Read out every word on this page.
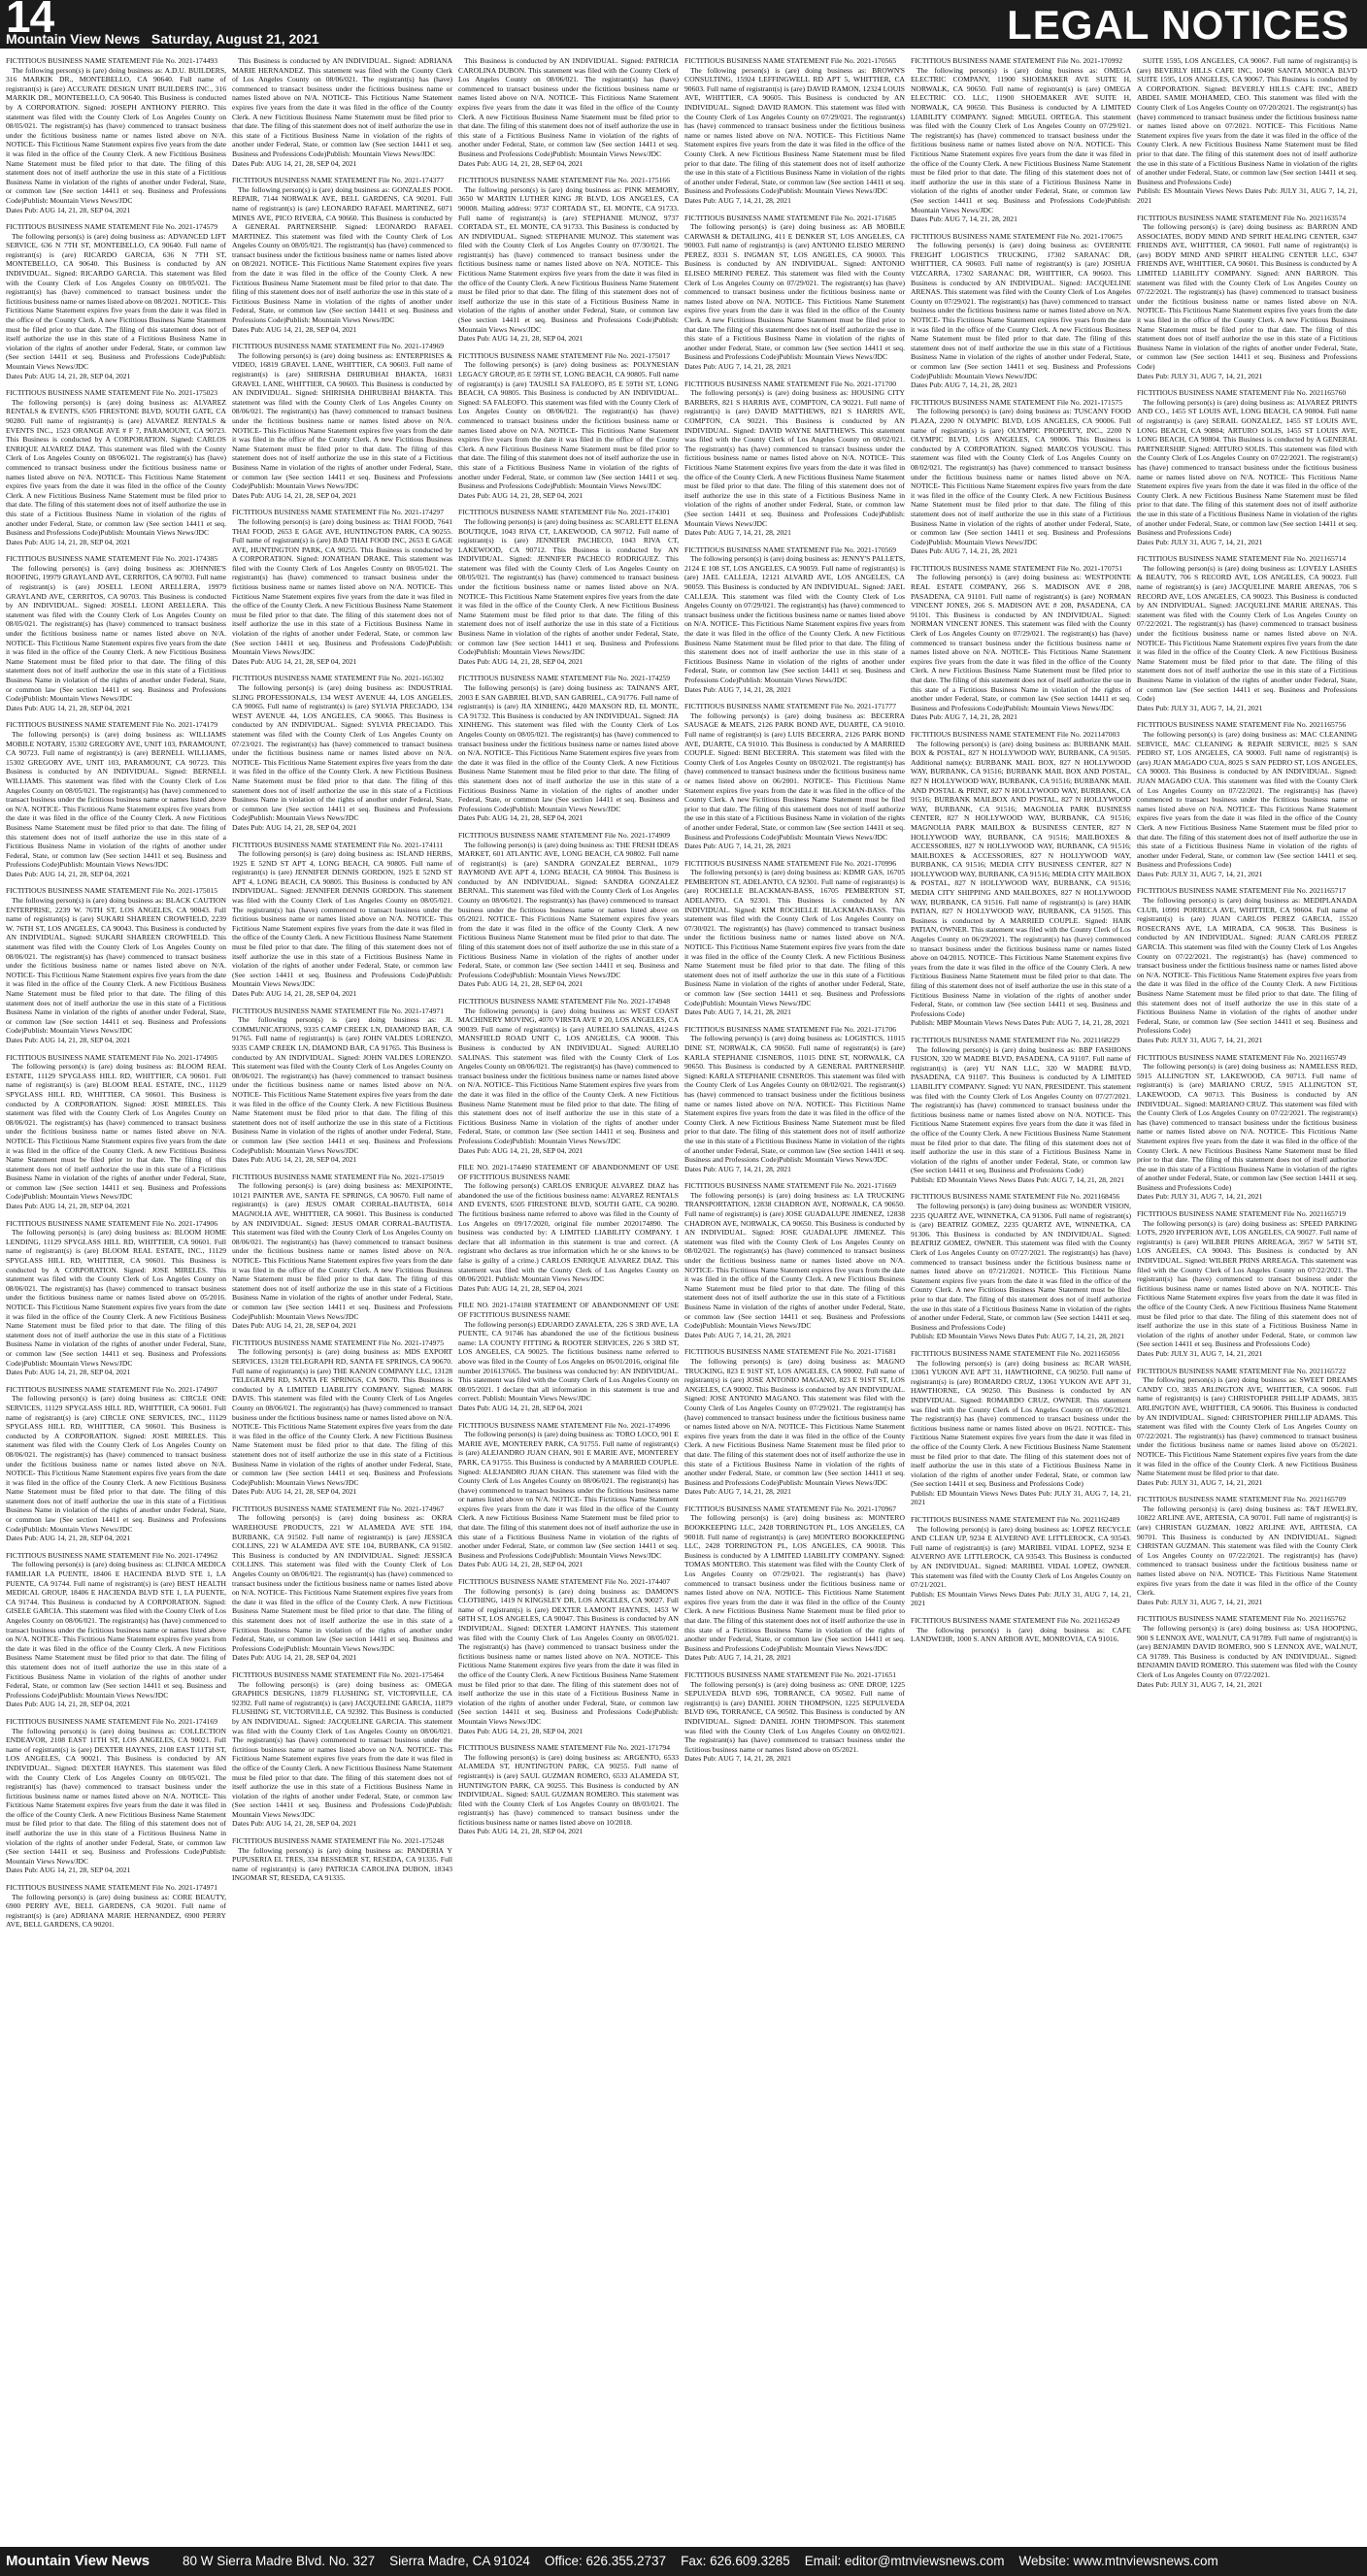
14
Mountain View News Saturday, August 21, 2021	LEGAL NOTICES

FICTITIOUS BUSINESS NAME STATEMENT File No. 2021-174493

The following person(s) is (are) doing business as: A.D.U. BUILDERS, 316 MARKIK DR., MONTEBELLO, CA 90640. Full name of registrant(s) is (are) ACCURATE DESIGN UNIT BUILDERS INC., 316 MARKIK DR., MONTEBELLO, CA 90640. This Business is conducted by A CORPORATION. Signed: JOSEPH ANTHONY PIERRO. This statement was filed with the County Clerk of Los Angeles County on 08/05/021. The registrant(s) has (have) commenced to transact business under the fictitious business name or names listed above on N/A. NOTICE- This Fictitious Name Statement expires five years from the date it was filed in the office of the County Clerk. A new Fictitious Business Name Statement must be filed prior to that date. The filing of this statement does not of itself authorize the use in this state of a Fictitious Business Name in violation of the rights of another under Federal, State, or common law (See section 14411 et seq. Business and Professions Code)Publish: Mountain Views News/JDC

Dates Pub: AUG 14, 21, 28, SEP 04, 2021

FICTITIOUS BUSINESS NAME STATEMENT File No. 2021-174579

The following person(s) is (are) doing business as: ADVANCED LIFT SERVICE, 636 N 7TH ST, MONTEBELLO, CA 90640. Full name of registrant(s) is (are) RICARDO GARCIA, 636 N 7TH ST, MONTEBELLO, CA 90640. This Business is conducted by AN INDIVIDUAL. Signed: RICARDO GARCIA. This statement was filed with the County Clerk of Los Angeles County on 08/05/021. The registrant(s) has (have) commenced to transact business under the fictitious business name or names listed above on 08/2021. NOTICE- This Fictitious Name Statement expires five years from the date it was filed in the office of the County Clerk. A new Fictitious Business Name Statement must be filed prior to that date. The filing of this statement does not of itself authorize the use in this state of a Fictitious Business Name in violation of the rights of another under Federal, State, or common law (See section 14411 et seq. Business and Professions Code)Publish: Mountain Views News/JDC

Dates Pub: AUG 14, 21, 28, SEP 04, 2021

FICTITIOUS BUSINESS NAME STATEMENT File No. 2021-175023

The following person(s) is (are) doing business as: ALVAREZ RENTALS & EVENTS, 6505 FIRESTONE BLVD, SOUTH GATE, CA 90280. Full name of registrant(s) is (are) ALVAREZ RENTALS & EVENTS INC., 1523 ORANGE AVE # F 7, PARAMOUNT, CA 90723. This Business is conducted by A CORPORATION. Signed: CARLOS ENRIQUE ALVAREZ DIAZ. This statement was filed with the County Clerk of Los Angeles County on 08/06/021. The registrant(s) has (have) commenced to transact business under the fictitious business name or names listed above on N/A. NOTICE- This Fictitious Name Statement expires five years from the date it was filed in the office of the County Clerk. A new Fictitious Business Name Statement must be filed prior to that date. The filing of this statement does not of itself authorize the use in this state of a Fictitious Business Name in violation of the rights of another under Federal, State, or common law (See section 14411 et seq. Business and Professions Code)Publish: Mountain Views News/JDC

Dates Pub: AUG 14, 21, 28, SEP 04, 2021

FICTITIOUS BUSINESS NAME STATEMENT File No. 2021-174385

The following person(s) is (are) doing business as: JOHNNIE'S ROOFING, 19979 GRAYLAND AVE, CERRITOS, CA 90703. Full name of registrant(s) is (are) JOSELL LEONI ARELLERA, 19979 GRAYLAND AVE, CERRITOS, CA 90703. This Business is conducted by AN INDIVIDUAL. Signed: JOSELL LEONI ARELLERA. This statement was filed with the County Clerk of Los Angeles County on 08/05/021. The registrant(s) has (have) commenced to transact business under the fictitious business name or names listed above on N/A. NOTICE- This Fictitious Name Statement expires five years from the date it was filed in the office of the County Clerk. A new Fictitious Business Name Statement must be filed prior to that date. The filing of this statement does not of itself authorize the use in this state of a Fictitious Business Name in violation of the rights of another under Federal, State, or common law (See section 14411 et seq. Business and Professions Code)Publish: Mountain Views News/JDC

Dates Pub: AUG 14, 21, 28, SEP 04, 2021

FICTITIOUS BUSINESS NAME STATEMENT File No. 2021-174179

The following person(s) is (are) doing business as: WILLIAMS MOBILE NOTARY, 15302 GREGORY AVE, UNIT 103, PARAMOUNT, CA 90723. Full name of registrant(s) is (are) BERNELL WILLIAMS, 15302 GREGORY AVE, UNIT 103, PARAMOUNT, CA 90723. This Business is conducted by AN INDIVIDUAL. Signed: BERNELL WILLIAMS. This statement was filed with the County Clerk of Los Angeles County on 08/05/021. The registrant(s) has (have) commenced to transact business under the fictitious business name or names listed above on N/A. NOTICE- This Fictitious Name Statement expires five years from the date it was filed in the office of the County Clerk. A new Fictitious Business Name Statement must be filed prior to that date. The filing of this statement does not of itself authorize the use in this state of a Fictitious Business Name in violation of the rights of another under Federal, State, or common law (See section 14411 et seq. Business and Professions Code)Publish: Mountain Views News/JDC

Dates Pub: AUG 14, 21, 28, SEP 04, 2021

FICTITIOUS BUSINESS NAME STATEMENT File No. 2021-175015

The following person(s) is (are) doing business as: BLACK CAUTION ENTERPRISE, 2239 W. 76TH ST, LOS ANGELES, CA 90043. Full name of registrant(s) is (are) SUKARI SHAREEN CROWFIELD, 2239 W. 76TH ST, LOS ANGELES, CA 90043. This Business is conducted by AN INDIVIDUAL. Signed: SUKARI SHAREEN CROWFIELD. This statement was filed with the County Clerk of Los Angeles County on 08/06/021. The registrant(s) has (have) commenced to transact business under the fictitious business name or names listed above on N/A. NOTICE- This Fictitious Name Statement expires five years from the date it was filed in the office of the County Clerk. A new Fictitious Business Name Statement must be filed prior to that date. The filing of this statement does not of itself authorize the use in this state of a Fictitious Business Name in violation of the rights of another under Federal, State, or common law (See section 14411 et seq. Business and Professions Code)Publish: Mountain Views News/JDC

Dates Pub: AUG 14, 21, 28, SEP 04, 2021

FICTITIOUS BUSINESS NAME STATEMENT File No. 2021-174905

The following person(s) is (are) doing business as: BLOOM REAL ESTATE, 11129 SPYGLASS HILL RD, WHITTIER, CA 90601. Full name of registrant(s) is (are) BLOOM REAL ESTATE, INC., 11129 SPYGLASS HILL RD, WHITTIER, CA 90601. This Business is conducted by A CORPORATION. Signed: JOSE MIRELES. This statement was filed with the County Clerk of Los Angeles County on 08/06/021. The registrant(s) has (have) commenced to transact business under the fictitious business name or names listed above on N/A. NOTICE- This Fictitious Name Statement expires five years from the date it was filed in the office of the County Clerk. A new Fictitious Business Name Statement must be filed prior to that date. The filing of this statement does not of itself authorize the use in this state of a Fictitious Business Name in violation of the rights of another under Federal, State, or common law (See section 14411 et seq. Business and Professions Code)Publish: Mountain Views News/JDC

Dates Pub: AUG 14, 21, 28, SEP 04, 2021

FICTITIOUS BUSINESS NAME STATEMENT File No. 2021-174906

The following person(s) is (are) doing business as: BLOOM HOME LENDING, 11129 SPYGLASS HILL RD, WHITTIER, CA 90601. Full name of registrant(s) is (are) BLOOM REAL ESTATE, INC., 11129 SPYGLASS HILL RD, WHITTIER, CA 90601. This Business is conducted by A CORPORATION. Signed: JOSE MIRELES. This statement was filed with the County Clerk of Los Angeles County on 08/06/021. The registrant(s) has (have) commenced to transact business under the fictitious business name or names listed above on 05/2016. NOTICE- This Fictitious Name Statement expires five years from the date it was filed in the office of the County Clerk. A new Fictitious Business Name Statement must be filed prior to that date. The filing of this statement does not of itself authorize the use in this state of a Fictitious Business Name in violation of the rights of another under Federal, State, or common law (See section 14411 et seq. Business and Professions Code)Publish: Mountain Views News/JDC

Dates Pub: AUG 14, 21, 28, SEP 04, 2021

FICTITIOUS BUSINESS NAME STATEMENT File No. 2021-174907

The following person(s) is (are) doing business as: CIRCLE ONE SERVICES, 11129 SPYGLASS HILL RD, WHITTIER, CA 90601. Full name of registrant(s) is (are) CIRCLE ONE SERVICES, INC., 11129 SPYGLASS HILL RD, WHITTIER, CA 90601. This Business is conducted by A CORPORATION. Signed: JOSE MIRELES. This statement was filed with the County Clerk of Los Angeles County on 08/06/021. The registrant(s) has (have) commenced to transact business under the fictitious business name or names listed above on N/A. NOTICE- This Fictitious Name Statement expires five years from the date it was filed in the office of the County Clerk. A new Fictitious Business Name Statement must be filed prior to that date. The filing of this statement does not of itself authorize the use in this state of a Fictitious Business Name in violation of the rights of another under Federal, State, or common law (See section 14411 et seq. Business and Professions Code)Publish: Mountain Views News/JDC

Dates Pub: AUG 14, 21, 28, SEP 04, 2021

FICTITIOUS BUSINESS NAME STATEMENT File No. 2021-174962

The following person(s) is (are) doing business as: CLINICA MEDICA FAMILIAR LA PUENTE, 18406 E HACIENDA BLVD STE 1, LA PUENTE, CA 91744. Full name of registrant(s) is (are) BEST HEALTH MEDICAL GROUP, 18406 E HACIENDA BLVD STE 1, LA PUENTE, CA 91744. This Business is conducted by A CORPORATION. Signed: GISELE GARCIA. This statement was filed with the County Clerk of Los Angeles County on 08/06/021. The registrant(s) has (have) commenced to transact business under the fictitious business name or names listed above on N/A. NOTICE- This Fictitious Name Statement expires five years from the date it was filed in the office of the County Clerk. A new Fictitious Business Name Statement must be filed prior to that date. The filing of this statement does not of itself authorize the use in this state of a Fictitious Business Name in violation of the rights of another under Federal, State, or common law (See section 14411 et seq. Business and Professions Code)Publish: Mountain Views News/JDC

Dates Pub: AUG 14, 21, 28, SEP 04, 2021

FICTITIOUS BUSINESS NAME STATEMENT File No. 2021-174169

The following person(s) is (are) doing business as: COLLECTION ENDEAVOR, 2108 EAST 11TH ST, LOS ANGELES, CA 90021. Full name of registrant(s) is (are) DEXTER HAYNES, 2108 EAST 11TH ST, LOS ANGELES, CA 90021. This Business is conducted by AN INDIVIDUAL. Signed: DEXTER HAYNES. This statement was filed with the County Clerk of Los Angeles County on 08/05/021. The registrant(s) has (have) commenced to transact business under the fictitious business name or names listed above on N/A. NOTICE- This Fictitious Name Statement expires five years from the date it was filed in the office of the County Clerk. A new Fictitious Business Name Statement must be filed prior to that date. The filing of this statement does not of itself authorize the use in this state of a Fictitious Business Name in violation of the rights of another under Federal, State, or common law (See section 14411 et seq. Business and Professions Code)Publish: Mountain Views News/JDC

Dates Pub: AUG 14, 21, 28, SEP 04, 2021

FICTITIOUS BUSINESS NAME STATEMENT File No. 2021-174971

The following person(s) is (are) doing business as: CORE BEAUTY, 6900 PERRY AVE, BELL GARDENS, CA 90201. Full name of registrant(s) is (are) ADRIANA MARIE HERNANDEZ, 6900 PERRY AVE, BELL GARDENS, CA 90201.

This Business is conducted by AN INDIVIDUAL. Signed: ADRIANA MARIE HERNANDEZ. This statement was filed with the County Clerk of Los Angeles County on 08/06/021. The registrant(s) has (have) commenced to transact business under the fictitious business name or names listed above on N/A. NOTICE- This Fictitious Name Statement expires five years from the date it was filed in the office of the County Clerk. A new Fictitious Business Name Statement must be filed prior to that date. The filing of this statement does not of itself authorize the use in this state of a Fictitious Business Name in violation of the rights of another under Federal, State, or common law (See section 14411 et seq. Business and Professions Code)Publish: Mountain Views News/JDC

Dates Pub: AUG 14, 21, 28, SEP 04, 2021

FICTITIOUS BUSINESS NAME STATEMENT File No. 2021-174377

The following person(s) is (are) doing business as: GONZALES POOL REPAIR, 7144 NORWALK AVE, BELL GARDENS, CA 90201. Full name of registrant(s) is (are) LEONARDO RAFAEL MARTINEZ, 6071 MINES AVE, PICO RIVERA, CA 90660. This Business is conducted by A GENERAL PARTNERSHIP. Signed: LEONARDO RAFAEL MARTINEZ. This statement was filed with the County Clerk of Los Angeles County on 08/05/021. The registrant(s) has (have) commenced to transact business under the fictitious business name or names listed above on 08/2021. NOTICE- This Fictitious Name Statement expires five years from the date it was filed in the office of the County Clerk. A new Fictitious Business Name Statement must be filed prior to that date. The filing of this statement does not of itself authorize the use in this state of a Fictitious Business Name in violation of the rights of another under Federal, State, or common law (See section 14411 et seq. Business and Professions Code)Publish: Mountain Views News/JDC

Dates Pub: AUG 14, 21, 28, SEP 04, 2021

FICTITIOUS BUSINESS NAME STATEMENT File No. 2021-174969

The following person(s) is (are) doing business as: ENTERPRISES & VIDEO, 16819 GRAVEL LANE, WHITTIER, CA 90603. Full name of registrant(s) is (are) SHIRISHA DHIRUBHAI BHAKTA, 16831 GRAVEL LANE, WHITTIER, CA 90603. This Business is conducted by AN INDIVIDUAL. Signed: SHIRISHA DHIRUBHAI BHAKTA. This statement was filed with the County Clerk of Los Angeles County on 08/06/021. The registrant(s) has (have) commenced to transact business under the fictitious business name or names listed above on N/A. NOTICE- This Fictitious Name Statement expires five years from the date it was filed in the office of the County Clerk. A new Fictitious Business Name Statement must be filed prior to that date. The filing of this statement does not of itself authorize the use in this state of a Fictitious Business Name in violation of the rights of another under Federal, State, or common law (See section 14411 et seq. Business and Professions Code)Publish: Mountain Views News/JDC

Dates Pub: AUG 14, 21, 28, SEP 04, 2021

FICTITIOUS BUSINESS NAME STATEMENT File No. 2021-174297

The following person(s) is (are) doing business as: THAI FOOD, 7641 THAI FOOD, 2653 E GAGE AVE, HUNTINGTON PARK, CA 90255. Full name of registrant(s) is (are) BAD THAI FOOD INC, 2653 E GAGE AVE, HUNTINGTON PARK, CA 90255. This Business is conducted by A CORPORATION. Signed: JONATHAN DRAKE. This statement was filed with the County Clerk of Los Angeles County on 08/05/021. The registrant(s) has (have) commenced to transact business under the fictitious business name or names listed above on N/A. NOTICE- This Fictitious Name Statement expires five years from the date it was filed in the office of the County Clerk. A new Fictitious Business Name Statement must be filed prior to that date. The filing of this statement does not of itself authorize the use in this state of a Fictitious Business Name in violation of the rights of another under Federal, State, or common law (See section 14411 et seq. Business and Professions Code)Publish: Mountain Views News/JDC

Dates Pub: AUG 14, 21, 28, SEP 04, 2021

FICTITIOUS BUSINESS NAME STATEMENT File No. 2021-165302

The following person(s) is (are) doing business as: INDUSTRIAL SLING PROFESSIONALS, 134 WEST AVENUE 44, LOS ANGELES, CA 90065. Full name of registrant(s) is (are) SYLVIA PRECIADO, 134 WEST AVENUE 44, LOS ANGELES, CA 90065. This Business is conducted by AN INDIVIDUAL. Signed: SYLVIA PRECIADO. This statement was filed with the County Clerk of Los Angeles County on 07/23/021. The registrant(s) has (have) commenced to transact business under the fictitious business name or names listed above on N/A. NOTICE- This Fictitious Name Statement expires five years from the date it was filed in the office of the County Clerk. A new Fictitious Business Name Statement must be filed prior to that date. The filing of this statement does not of itself authorize the use in this state of a Fictitious Business Name in violation of the rights of another under Federal, State, or common law (See section 14411 et seq. Business and Professions Code)Publish: Mountain Views News/JDC

Dates Pub: AUG 14, 21, 28, SEP 04, 2021

FICTITIOUS BUSINESS NAME STATEMENT File No. 2021-174111

The following person(s) is (are) doing business as: ISLAND HERBS, 1925 E 52ND ST APT 4, LONG BEACH, CA 90805. Full name of registrant(s) is (are) JENNIFER DENNIS GORDON, 1925 E 52ND ST APT 4, LONG BEACH, CA 90805. This Business is conducted by AN INDIVIDUAL. Signed: JENNIFER DENNIS GORDON. This statement was filed with the County Clerk of Los Angeles County on 08/05/021. The registrant(s) has (have) commenced to transact business under the fictitious business name or names listed above on N/A. NOTICE- This Fictitious Name Statement expires five years from the date it was filed in the office of the County Clerk. A new Fictitious Business Name Statement must be filed prior to that date. The filing of this statement does not of itself authorize the use in this state of a Fictitious Business Name in violation of the rights of another under Federal, State, or common law (See section 14411 et seq. Business and Professions Code)Publish: Mountain Views News/JDC

Dates Pub: AUG 14, 21, 28, SEP 04, 2021

FICTITIOUS BUSINESS NAME STATEMENT File No. 2021-174971

The following person(s) is (are) doing business as: JL COMMUNICATIONS, 9335 CAMP CREEK LN, DIAMOND BAR, CA 91765. Full name of registrant(s) is (are) JOHN VALDES LORENZO, 9335 CAMP CREEK LN, DIAMOND BAR, CA 91765. This Business is conducted by AN INDIVIDUAL. Signed: JOHN VALDES LORENZO. This statement was filed with the County Clerk of Los Angeles County on 08/06/021. The registrant(s) has (have) commenced to transact business under the fictitious business name or names listed above on N/A. NOTICE- This Fictitious Name Statement expires five years from the date it was filed in the office of the County Clerk. A new Fictitious Business Name Statement must be filed prior to that date. The filing of this statement does not of itself authorize the use in this state of a Fictitious Business Name in violation of the rights of another under Federal, State, or common law (See section 14411 et seq. Business and Professions Code)Publish: Mountain Views News/JDC

Dates Pub: AUG 14, 21, 28, SEP 04, 2021

FICTITIOUS BUSINESS NAME STATEMENT File No. 2021-175019

The following person(s) is (are) doing business as: MEXIPOINTE, 10121 PAINTER AVE, SANTA FE SPRINGS, CA 90670. Full name of registrant(s) is (are) JESUS OMAR CORRAL-BAUTISTA, 6014 MAGNOLIA AVE, WHITTIER, CA 90601. This Business is conducted by AN INDIVIDUAL. Signed: JESUS OMAR CORRAL-BAUTISTA. This statement was filed with the County Clerk of Los Angeles County on 08/06/021. The registrant(s) has (have) commenced to transact business under the fictitious business name or names listed above on N/A. NOTICE- This Fictitious Name Statement expires five years from the date it was filed in the office of the County Clerk. A new Fictitious Business Name Statement must be filed prior to that date. The filing of this statement does not of itself authorize the use in this state of a Fictitious Business Name in violation of the rights of another under Federal, State, or common law (See section 14411 et seq. Business and Professions Code)Publish: Mountain Views News/JDC

Dates Pub: AUG 14, 21, 28, SEP 04, 2021

FICTITIOUS BUSINESS NAME STATEMENT File No. 2021-174975

The following person(s) is (are) doing business as: MDS EXPORT SERVICES, 13128 TELEGRAPH RD, SANTA FE SPRINGS, CA 90670. Full name of registrant(s) is (are) THE KANON COMPANY LLC, 13128 TELEGRAPH RD, SANTA FE SPRINGS, CA 90670. This Business is conducted by A LIMITED LIABILITY COMPANY. Signed: MARK DAVIS. This statement was filed with the County Clerk of Los Angeles County on 08/06/021. The registrant(s) has (have) commenced to transact business under the fictitious business name or names listed above on N/A. NOTICE- This Fictitious Name Statement expires five years from the date it was filed in the office of the County Clerk. A new Fictitious Business Name Statement must be filed prior to that date. The filing of this statement does not of itself authorize the use in this state of a Fictitious Business Name in violation of the rights of another under Federal, State, or common law (See section 14411 et seq. Business and Professions Code)Publish: Mountain Views News/JDC

Dates Pub: AUG 14, 21, 28, SEP 04, 2021

FICTITIOUS BUSINESS NAME STATEMENT File No. 2021-174967

The following person(s) is (are) doing business as: OKRA WAREHOUSE PRODUCTS, 221 W ALAMEDA AVE STE 104, BURBANK, CA 91502. Full name of registrant(s) is (are) JESSICA COLLINS, 221 W ALAMEDA AVE STE 104, BURBANK, CA 91502. This Business is conducted by AN INDIVIDUAL. Signed: JESSICA COLLINS. This statement was filed with the County Clerk of Los Angeles County on 08/06/021. The registrant(s) has (have) commenced to transact business under the fictitious business name or names listed above on N/A. NOTICE- This Fictitious Name Statement expires five years from the date it was filed in the office of the County Clerk. A new Fictitious Business Name Statement must be filed prior to that date. The filing of this statement does not of itself authorize the use in this state of a Fictitious Business Name in violation of the rights of another under Federal, State, or common law (See section 14411 et seq. Business and Professions Code)Publish: Mountain Views News/JDC

Dates Pub: AUG 14, 21, 28, SEP 04, 2021

FICTITIOUS BUSINESS NAME STATEMENT File No. 2021-175464

The following person(s) is (are) doing business as: OMEGA GRAPHICS DESIGNS, 11879 FLUSHING ST, VICTORVILLE, CA 92392. Full name of registrant(s) is (are) JACQUELINE GARCIA, 11879 FLUSHING ST, VICTORVILLE, CA 92392. This Business is conducted by AN INDIVIDUAL. Signed: JACQUELINE GARCIA. This statement was filed with the County Clerk of Los Angeles County on 08/06/021. The registrant(s) has (have) commenced to transact business under the fictitious business name or names listed above on N/A. NOTICE- This Fictitious Name Statement expires five years from the date it was filed in the office of the County Clerk. A new Fictitious Business Name Statement must be filed prior to that date. The filing of this statement does not of itself authorize the use in this state of a Fictitious Business Name in violation of the rights of another under Federal, State, or common law (See section 14411 et seq. Business and Professions Code)Publish: Mountain Views News/JDC

Dates Pub: AUG 14, 21, 28, SEP 04, 2021

FICTITIOUS BUSINESS NAME STATEMENT File No. 2021-175248

The following person(s) is (are) doing business as: PANDERIA Y PUPUSERIA EL TRES, 334 BESSEMER ST, RESEDA, CA 91335. Full name of registrant(s) is (are) PATRICIA CAROLINA DUBON, 18343 INGOMAR ST, RESEDA, CA 91335.

This Business is conducted by AN INDIVIDUAL. Signed: PATRICIA CAROLINA DUBON. This statement was filed with the County Clerk of Los Angeles County on 08/06/021. The registrant(s) has (have) commenced to transact business under the fictitious business name or names listed above on N/A. NOTICE- This Fictitious Name Statement expires five years from the date it was filed in the office of the County Clerk. A new Fictitious Business Name Statement must be filed prior to that date. The filing of this statement does not of itself authorize the use in this state of a Fictitious Business Name in violation of the rights of another under Federal, State, or common law (See section 14411 et seq. Business and Professions Code)Publish: Mountain Views News/JDC

Dates Pub: AUG 14, 21, 28, SEP 04, 2021

FICTITIOUS BUSINESS NAME STATEMENT File No. 2021-175166

The following person(s) is (are) doing business as: PINK MEMORY, 3650 W MARTIN LUTHER KING JR BLVD, LOS ANGELES, CA 90008. Mailing address: 9737 CORTADA ST., EL MONTE, CA 91733. Full name of registrant(s) is (are) STEPHANIE MUNOZ, 9737 CORTADA ST., EL MONTE, CA 91733. This Business is conducted by AN INDIVIDUAL. Signed: STEPHANIE MUNOZ. This statement was filed with the County Clerk of Los Angeles County on 07/30/021. The registrant(s) has (have) commenced to transact business under the fictitious business name or names listed above on N/A. NOTICE- This Fictitious Name Statement expires five years from the date it was filed in the office of the County Clerk. A new Fictitious Business Name Statement must be filed prior to that date. The filing of this statement does not of itself authorize the use in this state of a Fictitious Business Name in violation of the rights of another under Federal, State, or common law (See section 14411 et seq. Business and Professions Code)Publish: Mountain Views News/JDC

Dates Pub: AUG 14, 21, 28, SEP 04, 2021

FICTITIOUS BUSINESS NAME STATEMENT File No. 2021-175017

The following person(s) is (are) doing business as: POLYNESIAN LEGACY GROUP, 85 E 59TH ST, LONG BEACH, CA 90805. Full name of registrant(s) is (are) TAUSILI SA FALEOFO, 85 E 59TH ST, LONG BEACH, CA 90805. This Business is conducted by AN INDIVIDUAL. Signed: SA FALEOFO. This statement was filed with the County Clerk of Los Angeles County on 08/06/021. The registrant(s) has (have) commenced to transact business under the fictitious business name or names listed above on N/A. NOTICE- This Fictitious Name Statement expires five years from the date it was filed in the office of the County Clerk. A new Fictitious Business Name Statement must be filed prior to that date. The filing of this statement does not of itself authorize the use in this state of a Fictitious Business Name in violation of the rights of another under Federal, State, or common law (See section 14411 et seq. Business and Professions Code)Publish: Mountain Views News/JDC

Dates Pub: AUG 14, 21, 28, SEP 04, 2021

FICTITIOUS BUSINESS NAME STATEMENT File No. 2021-174301

The following person(s) is (are) doing business as: SCARLETT ELENA BOUTIQUE, 1043 RIVA CT, LAKEWOOD, CA 90712. Full name of registrant(s) is (are) JENNIFER PACHECO, 1043 RIVA CT, LAKEWOOD, CA 90712. This Business is conducted by AN INDIVIDUAL. Signed: JENNIFER PACHECO RODRIGUEZ. This statement was filed with the County Clerk of Los Angeles County on 08/05/021. The registrant(s) has (have) commenced to transact business under the fictitious business name or names listed above on N/A. NOTICE- This Fictitious Name Statement expires five years from the date it was filed in the office of the County Clerk. A new Fictitious Business Name Statement must be filed prior to that date. The filing of this statement does not of itself authorize the use in this state of a Fictitious Business Name in violation of the rights of another under Federal, State, or common law (See section 14411 et seq. Business and Professions Code)Publish: Mountain Views News/JDC

Dates Pub: AUG 14, 21, 28, SEP 04, 2021

FICTITIOUS BUSINESS NAME STATEMENT File No. 2021-174259

The following person(s) is (are) doing business as: TAINAN'S ART, 2003 E SAN GABRIEL BLVD, SAN GABRIEL, CA 91776. Full name of registrant(s) is (are) JIA XINHENG, 4420 MAXSON RD, EL MONTE, CA 91732. This Business is conducted by AN INDIVIDUAL. Signed: JIA XINHENG. This statement was filed with the County Clerk of Los Angeles County on 08/05/021. The registrant(s) has (have) commenced to transact business under the fictitious business name or names listed above on N/A. NOTICE- This Fictitious Name Statement expires five years from the date it was filed in the office of the County Clerk. A new Fictitious Business Name Statement must be filed prior to that date. The filing of this statement does not of itself authorize the use in this state of a Fictitious Business Name in violation of the rights of another under Federal, State, or common law (See section 14411 et seq. Business and Professions Code)Publish: Mountain Views News/JDC

Dates Pub: AUG 14, 21, 28, SEP 04, 2021

FICTITIOUS BUSINESS NAME STATEMENT File No. 2021-174909

The following person(s) is (are) doing business as: THE FRESH IDEAS MARKET, 601 ATLANTIC AVE, LONG BEACH, CA 90802. Full name of registrant(s) is (are) SANDRA GONZALEZ BERNAL, 1079 RAYMOND AVE APT 4, LONG BEACH, CA 90804. This Business is conducted by AN INDIVIDUAL. Signed: SANDRA GONZALEZ BERNAL. This statement was filed with the County Clerk of Los Angeles County on 08/06/021. The registrant(s) has (have) commenced to transact business under the fictitious business name or names listed above on 05/2021. NOTICE- This Fictitious Name Statement expires five years from the date it was filed in the office of the County Clerk. A new Fictitious Business Name Statement must be filed prior to that date. The filing of this statement does not of itself authorize the use in this state of a Fictitious Business Name in violation of the rights of another under Federal, State, or common law (See section 14411 et seq. Business and Professions Code)Publish: Mountain Views News/JDC

Dates Pub: AUG 14, 21, 28, SEP 04, 2021

FICTITIOUS BUSINESS NAME STATEMENT File No. 2021-174948

The following person(s) is (are) doing business as: WEST COAST MACHINERY MOVING, 4070 VIRSTA AVE # 20, LOS ANGELES, CA 90039. Full name of registrant(s) is (are) AURELIO SALINAS, 4124-S MANSFIELD ROAD UNIT C, LOS ANGELES, CA 90008. This Business is conducted by AN INDIVIDUAL. Signed: AURELIO SALINAS. This statement was filed with the County Clerk of Los Angeles County on 08/06/021. The registrant(s) has (have) commenced to transact business under the fictitious business name or names listed above on N/A. NOTICE- This Fictitious Name Statement expires five years from the date it was filed in the office of the County Clerk. A new Fictitious Business Name Statement must be filed prior to that date. The filing of this statement does not of itself authorize the use in this state of a Fictitious Business Name in violation of the rights of another under Federal, State, or common law (See section 14411 et seq. Business and Professions Code)Publish: Mountain Views News/JDC

Dates Pub: AUG 14, 21, 28, SEP 04, 2021

FILE NO. 2021-174490 STATEMENT OF ABANDONMENT OF USE OF FICTITIOUS BUSINESS NAME

The following person(s) CARLOS ENRIQUE ALVAREZ DIAZ has abandoned the use of the fictitious business name: ALVAREZ RENTALS AND EVENTS, 6505 FIRESTONE BLVD, SOUTH GATE, CA 90280. The fictitious business name referred to above was filed in the County of Los Angeles on 09/17/2020, original file number 2020174890. The business was conducted by: A LIMITED LIABILITY COMPANY. I declare that all information in this statement is true and correct. (A registrant who declares as true information which he or she knows to be false is guilty of a crime.) CARLOS ENRIQUE ALVAREZ DIAZ. This statement was filed with the County Clerk of Los Angeles County on 08/06/2021. Publish: Mountain Views News/JDC

Dates Pub: AUG 14, 21, 28, SEP 04, 2021

FILE NO. 2021-174188 STATEMENT OF ABANDONMENT OF USE OF FICTITIOUS BUSINESS NAME

The following person(s) EDUARDO ZAVALETA, 226 S 3RD AVE, LA PUENTE, CA 91746 has abandoned the use of the fictitious business name: LA COUNTY FITTING & ROOTER SERVICES, 226 S 3RD ST, LOS ANGELES, CA 90025. The fictitious business name referred to above was filed in the County of Los Angeles on 06/01/2016, original file number 2016137665. The business was conducted by: AN INDIVIDUAL. This statement was filed with the County Clerk of Los Angeles County on 08/05/2021. I declare that all information in this statement is true and correct. Publish: Mountain Views News/JDC

Dates Pub: AUG 14, 21, 28, SEP 04, 2021

FICTITIOUS BUSINESS NAME STATEMENT File No. 2021-174996

The following person(s) is (are) doing business as: TORO LOCO, 901 E MARIE AVE, MONTEREY PARK, CA 91755. Full name of registrant(s) is (are) ALEJANDRO JUAN CHAN, 901 E MARIE AVE, MONTEREY PARK, CA 91755. This Business is conducted by A MARRIED COUPLE. Signed: ALEJANDRO JUAN CHAN. This statement was filed with the County Clerk of Los Angeles County on 08/06/021. The registrant(s) has (have) commenced to transact business under the fictitious business name or names listed above on N/A. NOTICE- This Fictitious Name Statement expires five years from the date it was filed in the office of the County Clerk. A new Fictitious Business Name Statement must be filed prior to that date. The filing of this statement does not of itself authorize the use in this state of a Fictitious Business Name in violation of the rights of another under Federal, State, or common law (See section 14411 et seq. Business and Professions Code)Publish: Mountain Views News/JDC

Dates Pub: AUG 14, 21, 28, SEP 04, 2021

FICTITIOUS BUSINESS NAME STATEMENT File No. 2021-174407

The following person(s) is (are) doing business as: DAMON'S CLOTHING, 1419 N KINGSLEY DR, LOS ANGELES, CA 90027. Full name of registrant(s) is (are) DEXTER LAMONT HAYNES, 1453 W 68TH ST, LOS ANGELES, CA 90047. This Business is conducted by AN INDIVIDUAL. Signed: DEXTER LAMONT HAYNES. This statement was filed with the County Clerk of Los Angeles County on 08/05/021. The registrant(s) has (have) commenced to transact business under the fictitious business name or names listed above on N/A. NOTICE- This Fictitious Name Statement expires five years from the date it was filed in the office of the County Clerk. A new Fictitious Business Name Statement must be filed prior to that date. The filing of this statement does not of itself authorize the use in this state of a Fictitious Business Name in violation of the rights of another under Federal, State, or common law (See section 14411 et seq. Business and Professions Code)Publish: Mountain Views News/JDC

Dates Pub: AUG 14, 21, 28, SEP 04, 2021

FICTITIOUS BUSINESS NAME STATEMENT File No. 2021-171794

The following person(s) is (are) doing business as: ARGENTO, 6533 ALAMEDA ST, HUNTINGTON PARK, CA 90255. Full name of registrant(s) is (are) SAUL GUZMAN ROMERO, 6533 ALAMEDA ST, HUNTINGTON PARK, CA 90255. This Business is conducted by AN INDIVIDUAL. Signed: SAUL GUZMAN ROMERO. This statement was filed with the County Clerk of Los Angeles County on 08/03/021. The registrant(s) has (have) commenced to transact business under the fictitious business name or names listed above on 10/2018.

Dates Pub: AUG 14, 21, 28, SEP 04, 2021

FICTITIOUS BUSINESS NAME STATEMENT File No. 2021-170565

The following person(s) is (are) doing business as: BROWN'S CONSULTING, 15924 LEFFINGWELL RD APT 5, WHITTIER, CA 90603. Full name of registrant(s) is (are) DAVID RAMON, 12324 LOUIS AVE, WHITTIER, CA 90605. This Business is conducted by AN INDIVIDUAL. Signed: DAVID RAMON. This statement was filed with the County Clerk of Los Angeles County on 07/29/021. The registrant(s) has (have) commenced to transact business under the fictitious business name or names listed above on N/A. NOTICE- This Fictitious Name Statement expires five years from the date it was filed in the office of the County Clerk. A new Fictitious Business Name Statement must be filed prior to that date. The filing of this statement does not of itself authorize the use in this state of a Fictitious Business Name in violation of the rights of another under Federal, State, or common law (See section 14411 et seq. Business and Professions Code)Publish: Mountain Views News/JDC

Dates Pub: AUG 7, 14, 21, 28, 2021

FICTITIOUS BUSINESS NAME STATEMENT File No. 2021-171685

The following person(s) is (are) doing business as: AB MOBILE CARWASH & DETAILING, 411 E DENKER ST, LOS ANGELES, CA 90003. Full name of registrant(s) is (are) ANTONIO ELISEO MERINO PEREZ, 8331 S. INGMAN ST, LOS ANGELES, CA 90003. This Business is conducted by AN INDIVIDUAL. Signed: ANTONIO ELISEO MERINO PEREZ. This statement was filed with the County Clerk of Los Angeles County on 07/29/021. The registrant(s) has (have) commenced to transact business under the fictitious business name or names listed above on N/A. NOTICE- This Fictitious Name Statement expires five years from the date it was filed in the office of the County Clerk. A new Fictitious Business Name Statement must be filed prior to that date. The filing of this statement does not of itself authorize the use in this state of a Fictitious Business Name in violation of the rights of another under Federal, State, or common law (See section 14411 et seq. Business and Professions Code)Publish: Mountain Views News/JDC

Dates Pub: AUG 7, 14, 21, 28, 2021

FICTITIOUS BUSINESS NAME STATEMENT File No. 2021-171700

The following person(s) is (are) doing business as: HOUSING CITY BARBERS, 821 S HARRIS AVE, COMPTON, CA 90221. Full name of registrant(s) is (are) DAVID MATTHEWS, 821 S HARRIS AVE, COMPTON, CA 90221. This Business is conducted by AN INDIVIDUAL. Signed: DAVID WAYNE MATTHEWS. This statement was filed with the County Clerk of Los Angeles County on 08/02/021. The registrant(s) has (have) commenced to transact business under the fictitious business name or names listed above on N/A. NOTICE- This Fictitious Name Statement expires five years from the date it was filed in the office of the County Clerk. A new Fictitious Business Name Statement must be filed prior to that date. The filing of this statement does not of itself authorize the use in this state of a Fictitious Business Name in violation of the rights of another under Federal, State, or common law (See section 14411 et seq. Business and Professions Code)Publish: Mountain Views News/JDC

Dates Pub: AUG 7, 14, 21, 28, 2021

FICTITIOUS BUSINESS NAME STATEMENT File No. 2021-170569

The following person(s) is (are) doing business as: JENNY'S PALLETS, 2124 E 108 ST, LOS ANGELES, CA 90059. Full name of registrant(s) is (are) JAEL CALLEJA, 12121 ALVARD AVE, LOS ANGELES, CA 90059. This Business is conducted by AN INDIVIDUAL. Signed: JAEL CALLEJA. This statement was filed with the County Clerk of Los Angeles County on 07/29/021. The registrant(s) has (have) commenced to transact business under the fictitious business name or names listed above on N/A. NOTICE- This Fictitious Name Statement expires five years from the date it was filed in the office of the County Clerk. A new Fictitious Business Name Statement must be filed prior to that date. The filing of this statement does not of itself authorize the use in this state of a Fictitious Business Name in violation of the rights of another under Federal, State, or common law (See section 14411 et seq. Business and Professions Code)Publish: Mountain Views News/JDC

Dates Pub: AUG 7, 14, 21, 28, 2021

FICTITIOUS BUSINESS NAME STATEMENT File No. 2021-171777

The following person(s) is (are) doing business as: BECERRA SAUSAGE & MEATS, 2126 PARK BOND AVE, DUARTE, CA 91010. Full name of registrant(s) is (are) LUIS BECERRA, 2126 PARK BOND AVE, DUARTE, CA 91010. This Business is conducted by A MARRIED COUPLE. Signed: BENI BECERRA. This statement was filed with the County Clerk of Los Angeles County on 08/02/021. The registrant(s) has (have) commenced to transact business under the fictitious business name or names listed above on 06/2001. NOTICE- This Fictitious Name Statement expires five years from the date it was filed in the office of the County Clerk. A new Fictitious Business Name Statement must be filed prior to that date. The filing of this statement does not of itself authorize the use in this state of a Fictitious Business Name in violation of the rights of another under Federal, State, or common law (See section 14411 et seq. Business and Professions Code)Publish: Mountain Views News/JDC

Dates Pub: AUG 7, 14, 21, 28, 2021

FICTITIOUS BUSINESS NAME STATEMENT File No. 2021-170996

The following person(s) is (are) doing business as: KDMR GAS, 16705 PEMBERTON ST, ADELANTO, CA 92301. Full name of registrant(s) is (are) ROCHELLE BLACKMAN-BASS, 16705 PEMBERTON ST, ADELANTO, CA 92301. This Business is conducted by AN INDIVIDUAL. Signed: KIM ROCHELLE BLACKMAN-BASS. This statement was filed with the County Clerk of Los Angeles County on 07/30/021. The registrant(s) has (have) commenced to transact business under the fictitious business name or names listed above on N/A. NOTICE- This Fictitious Name Statement expires five years from the date it was filed in the office of the County Clerk. A new Fictitious Business Name Statement must be filed prior to that date. The filing of this statement does not of itself authorize the use in this state of a Fictitious Business Name in violation of the rights of another under Federal, State, or common law (See section 14411 et seq. Business and Professions Code)Publish: Mountain Views News/JDC

Dates Pub: AUG 7, 14, 21, 28, 2021

FICTITIOUS BUSINESS NAME STATEMENT File No. 2021-171706

The following person(s) is (are) doing business as: LOGISTICS, 11015 DINE ST, NORWALK, CA 90650. Full name of registrant(s) is (are) KARLA STEPHANIE CISNEROS, 11015 DINE ST, NORWALK, CA 90650. This Business is conducted by A GENERAL PARTNERSHIP. Signed: KARLA STEPHANIE CISNEROS. This statement was filed with the County Clerk of Los Angeles County on 08/02/021. The registrant(s) has (have) commenced to transact business under the fictitious business name or names listed above on N/A. NOTICE- This Fictitious Name Statement expires five years from the date it was filed in the office of the County Clerk. A new Fictitious Business Name Statement must be filed prior to that date. The filing of this statement does not of itself authorize the use in this state of a Fictitious Business Name in violation of the rights of another under Federal, State, or common law (See section 14411 et seq. Business and Professions Code)Publish: Mountain Views News/JDC

Dates Pub: AUG 7, 14, 21, 28, 2021

FICTITIOUS BUSINESS NAME STATEMENT File No. 2021-171669

The following person(s) is (are) doing business as: LA TRUCKING TRANSPORTATION, 12838 CHADRON AVE, NORWALK, CA 90650. Full name of registrant(s) is (are) JOSE GUADALUPE JIMENEZ, 12838 CHADRON AVE, NORWALK, CA 90650. This Business is conducted by AN INDIVIDUAL. Signed: JOSE GUADALUPE JIMENEZ. This statement was filed with the County Clerk of Los Angeles County on 08/02/021. The registrant(s) has (have) commenced to transact business under the fictitious business name or names listed above on N/A. NOTICE- This Fictitious Name Statement expires five years from the date it was filed in the office of the County Clerk. A new Fictitious Business Name Statement must be filed prior to that date. The filing of this statement does not of itself authorize the use in this state of a Fictitious Business Name in violation of the rights of another under Federal, State, or common law (See section 14411 et seq. Business and Professions Code)Publish: Mountain Views News/JDC

Dates Pub: AUG 7, 14, 21, 28, 2021

FICTITIOUS BUSINESS NAME STATEMENT File No. 2021-171681

The following person(s) is (are) doing business as: MAGNO TRUCKING, 823 E 91ST ST, LOS ANGELES, CA 90002. Full name of registrant(s) is (are) JOSE ANTONIO MAGANO, 823 E 91ST ST, LOS ANGELES, CA 90002. This Business is conducted by AN INDIVIDUAL. Signed: JOSE ANTONIO MAGANO. This statement was filed with the County Clerk of Los Angeles County on 07/29/021. The registrant(s) has (have) commenced to transact business under the fictitious business name or names listed above on N/A. NOTICE- This Fictitious Name Statement expires five years from the date it was filed in the office of the County Clerk. A new Fictitious Business Name Statement must be filed prior to that date. The filing of this statement does not of itself authorize the use in this state of a Fictitious Business Name in violation of the rights of another under Federal, State, or common law (See section 14411 et seq. Business and Professions Code)Publish: Mountain Views News/JDC

Dates Pub: AUG 7, 14, 21, 28, 2021

FICTITIOUS BUSINESS NAME STATEMENT File No. 2021-170967

The following person(s) is (are) doing business as: MONTERO BOOKKEEPING LLC, 2428 TORRINGTON PL, LOS ANGELES, CA 90018. Full name of registrant(s) is (are) MONTERO BOOKKEEPING LLC, 2428 TORRINGTON PL, LOS ANGELES, CA 90018. This Business is conducted by A LIMITED LIABILITY COMPANY. Signed: TOMAS MONTERO. This statement was filed with the County Clerk of Los Angeles County on 07/29/021. The registrant(s) has (have) commenced to transact business under the fictitious business name or names listed above on N/A. NOTICE- This Fictitious Name Statement expires five years from the date it was filed in the office of the County Clerk. A new Fictitious Business Name Statement must be filed prior to that date. The filing of this statement does not of itself authorize the use in this state of a Fictitious Business Name in violation of the rights of another under Federal, State, or common law (See section 14411 et seq. Business and Professions Code)Publish: Mountain Views News/JDC

Dates Pub: AUG 7, 14, 21, 28, 2021

FICTITIOUS BUSINESS NAME STATEMENT File No. 2021-171651

The following person(s) is (are) doing business as: ONE DROP, 1225 SEPULVEDA BLVD 696, TORRANCE, CA 90502. Full name of registrant(s) is (are) DANIEL JOHN THOMPSON, 1225 SEPULVEDA BLVD 696, TORRANCE, CA 90502. This Business is conducted by AN INDIVIDUAL. Signed: DANIEL JOHN THOMPSON. This statement was filed with the County Clerk of Los Angeles County on 08/02/021. The registrant(s) has (have) commenced to transact business under the fictitious business name or names listed above on 05/2021.

Dates Pub: AUG 7, 14, 21, 28, 2021

FICTITIOUS BUSINESS NAME STATEMENT File No. 2021-170992

The following person(s) is (are) doing business as: OMEGA ELECTRIC COMPANY, 11900 SHOEMAKER AVE SUITE H, NORWALK, CA 90650. Full name of registrant(s) is (are) OMEGA ELECTRIC CO. LLC, 11900 SHOEMAKER AVE SUITE H, NORWALK, CA 90650. This Business is conducted by A LIMITED LIABILITY COMPANY. Signed: MIGUEL ORTEGA. This statement was filed with the County Clerk of Los Angeles County on 07/29/021. The registrant(s) has (have) commenced to transact business under the fictitious business name or names listed above on N/A. NOTICE- This Fictitious Name Statement expires five years from the date it was filed in the office of the County Clerk. A new Fictitious Business Name Statement must be filed prior to that date. The filing of this statement does not of itself authorize the use in this state of a Fictitious Business Name in violation of the rights of another under Federal, State, or common law (See section 14411 et seq. Business and Professions Code)Publish: Mountain Views News/JDC

Dates Pub: AUG 7, 14, 21, 28, 2021

FICTITIOUS BUSINESS NAME STATEMENT File No. 2021-170675

The following person(s) is (are) doing business as: OVERNITE FREIGHT LOGISTICS TRUCKING, 17302 SARANAC DR, WHITTIER, CA 90603. Full name of registrant(s) is (are) JOSHUA VIZCARRA, 17302 SARANAC DR, WHITTIER, CA 90603. This Business is conducted by AN INDIVIDUAL. Signed: JACQUELINE ARENAS. This statement was filed with the County Clerk of Los Angeles County on 07/29/021. The registrant(s) has (have) commenced to transact business under the fictitious business name or names listed above on N/A. NOTICE- This Fictitious Name Statement expires five years from the date it was filed in the office of the County Clerk. A new Fictitious Business Name Statement must be filed prior to that date. The filing of this statement does not of itself authorize the use in this state of a Fictitious Business Name in violation of the rights of another under Federal, State, or common law (See section 14411 et seq. Business and Professions Code)Publish: Mountain Views News/JDC

Dates Pub: AUG 7, 14, 21, 28, 2021

FICTITIOUS BUSINESS NAME STATEMENT File No. 2021-171575

The following person(s) is (are) doing business as: TUSCANY FOOD PLAZA, 2200 N OLYMPIC BLVD, LOS ANGELES, CA 90006. Full name of registrant(s) is (are) OLYMPIC PROPERTY, INC., 2200 N OLYMPIC BLVD, LOS ANGELES, CA 90006. This Business is conducted by A CORPORATION. Signed: MARCOS YOUSOU. This statement was filed with the County Clerk of Los Angeles County on 08/02/021. The registrant(s) has (have) commenced to transact business under the fictitious business name or names listed above on N/A. NOTICE- This Fictitious Name Statement expires five years from the date it was filed in the office of the County Clerk. A new Fictitious Business Name Statement must be filed prior to that date. The filing of this statement does not of itself authorize the use in this state of a Fictitious Business Name in violation of the rights of another under Federal, State, or common law (See section 14411 et seq. Business and Professions Code)Publish: Mountain Views News/JDC

Dates Pub: AUG 7, 14, 21, 28, 2021

FICTITIOUS BUSINESS NAME STATEMENT File No. 2021-170751

The following person(s) is (are) doing business as: WESTPOINTE REAL ESTATE COMPANY, 266 S. MADISON AVE # 208, PASADENA, CA 91101. Full name of registrant(s) is (are) NORMAN VINCENT JONES, 266 S. MADISON AVE # 208, PASADENA, CA 91101. This Business is conducted by AN INDIVIDUAL. Signed: NORMAN VINCENT JONES. This statement was filed with the County Clerk of Los Angeles County on 07/29/021. The registrant(s) has (have) commenced to transact business under the fictitious business name or names listed above on N/A. NOTICE- This Fictitious Name Statement expires five years from the date it was filed in the office of the County Clerk. A new Fictitious Business Name Statement must be filed prior to that date. The filing of this statement does not of itself authorize the use in this state of a Fictitious Business Name in violation of the rights of another under Federal, State, or common law (See section 14411 et seq. Business and Professions Code)Publish: Mountain Views News/JDC

Dates Pub: AUG 7, 14, 21, 28, 2021

FICTITIOUS BUSINESS NAME STATEMENT File No. 2021147003

The following person(s) is (are) doing business as: BURBANK MAIL BOX & POSTAL, 827 N HOLLYWOOD WAY, BURBANK, CA 91505. Additional name(s): BURBANK MAIL BOX, 827 N HOLLYWOOD WAY, BURBANK, CA 91516; BURBANK MAIL BOX AND POSTAL, 827 N HOLLYWOOD WAY, BURBANK, CA 91516; BURBANK MAIL AND POSTAL & PRINT, 827 N HOLLYWOOD WAY, BURBANK, CA 91516; BURBANK MAILBOX AND POSTAL, 827 N HOLLYWOOD WAY, BURBANK, CA 91516; MAGNOLIA PARK BUSINESS CENTER, 827 N HOLLYWOOD WAY, BURBANK, CA 91516; MAGNOLIA PARK MAILBOX & BUSINESS CENTER, 827 N HOLLYWOOD WAY, BURBANK, CA 91516; MAILBOXES & ACCESSORIES, 827 N HOLLYWOOD WAY, BURBANK, CA 91516; MAILBOXES & ACCESSORIES, 827 N HOLLYWOOD WAY, BURBANK, CA 91516; MEDIA CITY BUSINESS CENTER, 827 N HOLLYWOOD WAY, BURBANK, CA 91516; MEDIA CITY MAILBOX & POSTAL, 827 N HOLLYWOOD WAY, BURBANK, CA 91516; MEDIA CITY SHIPPING AND MAILBOXES, 827 N HOLLYWOOD WAY, BURBANK, CA 91516. Full name of registrant(s) is (are) HAIK PATIAN, 827 N HOLLYWOOD WAY, BURBANK, CA 91505. This Business is conducted by A MARRIED COUPLE. Signed: HAIK PATIAN, OWNER. This statement was filed with the County Clerk of Los Angeles County on 06/29/2021. The registrant(s) has (have) commenced to transact business under the fictitious business name or names listed above on 04/2015. NOTICE- This Fictitious Name Statement expires five years from the date it was filed in the office of the County Clerk. A new Fictitious Business Name Statement must be filed prior to that date. The filing of this statement does not of itself authorize the use in this state of a Fictitious Business Name in violation of the rights of another under Federal, State, or common law (See section 14411 et seq. Business and Professions Code)

Publish: MBP Mountain Views News Dates Pub: AUG 7, 14, 21, 28, 2021

FICTITIOUS BUSINESS NAME STATEMENT File No. 2021168229

The following person(s) is (are) doing business as: BBP FASHIONS FUSION, 320 W MADRE BLVD, PASADENA, CA 91107. Full name of registrant(s) is (are) YU NAN LLC, 320 W MADRE BLVD, PASADENA, CA 91107. This Business is conducted by A LIMITED LIABILITY COMPANY. Signed: YU NAN, PRESIDENT. This statement was filed with the County Clerk of Los Angeles County on 07/27/2021. The registrant(s) has (have) commenced to transact business under the fictitious business name or names listed above on N/A. NOTICE- This Fictitious Name Statement expires five years from the date it was filed in the office of the County Clerk. A new Fictitious Business Name Statement must be filed prior to that date. The filing of this statement does not of itself authorize the use in this state of a Fictitious Business Name in violation of the rights of another under Federal, State, or common law (See section 14411 et seq. Business and Professions Code)

Publish: ED Mountain Views News Dates Pub: AUG 7, 14, 21, 28, 2021

FICTITIOUS BUSINESS NAME STATEMENT File No. 2021168456

The following person(s) is (are) doing business as: WONDER VISION, 2235 QUARTZ AVE, WINNETKA, CA 91306. Full name of registrant(s) is (are) BEATRIZ GOMEZ, 2235 QUARTZ AVE, WINNETKA, CA 91306. This Business is conducted by AN INDIVIDUAL. Signed: BEATRIZ GOMEZ, OWNER. This statement was filed with the County Clerk of Los Angeles County on 07/27/2021. The registrant(s) has (have) commenced to transact business under the fictitious business name or names listed above on 07/21/2021. NOTICE- This Fictitious Name Statement expires five years from the date it was filed in the office of the County Clerk. A new Fictitious Business Name Statement must be filed prior to that date. The filing of this statement does not of itself authorize the use in this state of a Fictitious Business Name in violation of the rights of another under Federal, State, or common law (See section 14411 et seq. Business and Professions Code)

Publish: ED Mountain Views News Dates Pub: AUG 7, 14, 21, 28, 2021

FICTITIOUS BUSINESS NAME STATEMENT File No. 2021165056

The following person(s) is (are) doing business as: RCAR WASH, 13061 YUKON AVE APT 31, HAWTHORNE, CA 90250. Full name of registrant(s) is (are) ROMARDO CRUZ, 13061 YUKON AVE APT 31, HAWTHORNE, CA 90250. This Business is conducted by AN INDIVIDUAL. Signed: ROMARDO CRUZ, OWNER. This statement was filed with the County Clerk of Los Angeles County on 07/06/2021. The registrant(s) has (have) commenced to transact business under the fictitious business name or names listed above on 06/21. NOTICE- This Fictitious Name Statement expires five years from the date it was filed in the office of the County Clerk. A new Fictitious Business Name Statement must be filed prior to that date. The filing of this statement does not of itself authorize the use in this state of a Fictitious Business Name in violation of the rights of another under Federal, State, or common law (See section 14411 et seq. Business and Professions Code)

Publish: ED Mountain Views News Dates Pub: JULY 31, AUG 7, 14, 21, 2021

FICTITIOUS BUSINESS NAME STATEMENT File No. 2021162489

The following person(s) is (are) doing business as: LOPEZ RECYCLE AND CLEAN UP, 9234 E ALVERNO AVE LITTLEROCK, CA 93543. Full name of registrant(s) is (are) MARIBEL VIDAL LOPEZ, 9234 E ALVERNO AVE LITTLEROCK, CA 93543. This Business is conducted by AN INDIVIDUAL. Signed: MARIBEL VIDAL LOPEZ, OWNER. This statement was filed with the County Clerk of Los Angeles County on 07/21/2021.

Publish: ES Mountain Views News Dates Pub: JULY 31, AUG 7, 14, 21, 2021

FICTITIOUS BUSINESS NAME STATEMENT File No. 2021165249

The following person(s) is (are) doing business as: CAFE LANDWEHR, 1000 S. ANN ARBOR AVE, MONROVIA, CA 91016.

SUITE 1595, LOS ANGELES, CA 90067. Full name of registrant(s) is (are) BEVERLY HILLS CAFE INC, 10490 SANTA MONICA BLVD SUITE 1595, LOS ANGELES, CA 90067. This Business is conducted by A CORPORATION. Signed: BEVERLY HILLS CAFE INC, ABED ABDEL SAMIE MOHAMED, CEO. This statement was filed with the County Clerk of Los Angeles County on 07/20/2021. The registrant(s) has (have) commenced to transact business under the fictitious business name or names listed above on 07/2021. NOTICE- This Fictitious Name Statement expires five years from the date it was filed in the office of the County Clerk. A new Fictitious Business Name Statement must be filed prior to that date. The filing of this statement does not of itself authorize the use in this state of a Fictitious Business Name in violation of the rights of another under Federal, State, or common law (See section 14411 et seq. Business and Professions Code)

Publish: ES Mountain Views News Dates Pub: JULY 31, AUG 7, 14, 21, 2021

FICTITIOUS BUSINESS NAME STATEMENT File No. 2021163574

The following person(s) is (are) doing business as: BARRON AND ASSOCIATES, BODY MIND AND SPIRIT HEALING CENTER, 6347 FRIENDS AVE, WHITTIER, CA 90601. Full name of registrant(s) is (are) BODY MIND AND SPIRIT HEALING CENTER LLC, 6347 FRIENDS AVE, WHITTIER, CA 90601. This Business is conducted by A LIMITED LIABILITY COMPANY. Signed: ANN BARRON. This statement was filed with the County Clerk of Los Angeles County on 07/22/2021. The registrant(s) has (have) commenced to transact business under the fictitious business name or names listed above on N/A. NOTICE- This Fictitious Name Statement expires five years from the date it was filed in the office of the County Clerk. A new Fictitious Business Name Statement must be filed prior to that date. The filing of this statement does not of itself authorize the use in this state of a Fictitious Business Name in violation of the rights of another under Federal, State, or common law (See section 14411 et seq. Business and Professions Code)

Dates Pub: JULY 31, AUG 7, 14, 21, 2021

FICTITIOUS BUSINESS NAME STATEMENT File No. 2021165760

The following person(s) is (are) doing business as: ALVAREZ PRINTS AND CO., 1455 ST LOUIS AVE, LONG BEACH, CA 90804. Full name of registrant(s) is (are) SERAIL GONZALEZ, 1455 ST LOUIS AVE, LONG BEACH, CA 90804; ARTURO SOLIS, 1455 ST LOUIS AVE, LONG BEACH, CA 90804. This Business is conducted by A GENERAL PARTNERSHIP. Signed: ARTURO SOLIS. This statement was filed with the County Clerk of Los Angeles County on 07/22/2021. The registrant(s) has (have) commenced to transact business under the fictitious business name or names listed above on N/A. NOTICE- This Fictitious Name Statement expires five years from the date it was filed in the office of the County Clerk. A new Fictitious Business Name Statement must be filed prior to that date. The filing of this statement does not of itself authorize the use in this state of a Fictitious Business Name in violation of the rights of another under Federal, State, or common law (See section 14411 et seq. Business and Professions Code)

Dates Pub: JULY 31, AUG 7, 14, 21, 2021

FICTITIOUS BUSINESS NAME STATEMENT File No. 2021165714

The following person(s) is (are) doing business as: LOVELY LASHES & BEAUTY, 706 S RECORD AVE, LOS ANGELES, CA 90023. Full name of registrant(s) is (are) JACQUELINE MARIE ARENAS, 706 S RECORD AVE, LOS ANGELES, CA 90023. This Business is conducted by AN INDIVIDUAL. Signed: JACQUELINE MARIE ARENAS. This statement was filed with the County Clerk of Los Angeles County on 07/22/2021. The registrant(s) has (have) commenced to transact business under the fictitious business name or names listed above on N/A. NOTICE- This Fictitious Name Statement expires five years from the date it was filed in the office of the County Clerk. A new Fictitious Business Name Statement must be filed prior to that date. The filing of this statement does not of itself authorize the use in this state of a Fictitious Business Name in violation of the rights of another under Federal, State, or common law (See section 14411 et seq. Business and Professions Code)

Dates Pub: JULY 31, AUG 7, 14, 21, 2021

FICTITIOUS BUSINESS NAME STATEMENT File No. 2021165756

The following person(s) is (are) doing business as: MAC CLEANING SERVICE, MAC CLEANING & REPAIR SERVICE, 8025 S SAN PEDRO ST, LOS ANGELES, CA 90003. Full name of registrant(s) is (are) JUAN MAGADO CUA, 8025 S SAN PEDRO ST, LOS ANGELES, CA 90003. This Business is conducted by AN INDIVIDUAL. Signed: JUAN MAGADO CUA. This statement was filed with the County Clerk of Los Angeles County on 07/22/2021. The registrant(s) has (have) commenced to transact business under the fictitious business name or names listed above on N/A. NOTICE- This Fictitious Name Statement expires five years from the date it was filed in the office of the County Clerk. A new Fictitious Business Name Statement must be filed prior to that date. The filing of this statement does not of itself authorize the use in this state of a Fictitious Business Name in violation of the rights of another under Federal, State, or common law (See section 14411 et seq. Business and Professions Code)

Dates Pub: JULY 31, AUG 7, 14, 21, 2021

FICTITIOUS BUSINESS NAME STATEMENT File No. 2021165717

The following person(s) is (are) doing business as: MEDIPLANADA CLUB, 10991 PORRECA AVE, WHITTIER, CA 90604. Full name of registrant(s) is (are) JUAN CARLOS PEREZ GARCIA, 15520 ROSECRANS AVE, LA MIRADA, CA 90638. This Business is conducted by AN INDIVIDUAL. Signed: JUAN CARLOS PEREZ GARCIA. This statement was filed with the County Clerk of Los Angeles County on 07/22/2021. The registrant(s) has (have) commenced to transact business under the fictitious business name or names listed above on N/A. NOTICE- This Fictitious Name Statement expires five years from the date it was filed in the office of the County Clerk. A new Fictitious Business Name Statement must be filed prior to that date. The filing of this statement does not of itself authorize the use in this state of a Fictitious Business Name in violation of the rights of another under Federal, State, or common law (See section 14411 et seq. Business and Professions Code)

Dates Pub: JULY 31, AUG 7, 14, 21, 2021

FICTITIOUS BUSINESS NAME STATEMENT File No. 2021165749

The following person(s) is (are) doing business as: NAMELESS RED, 5915 ALLINGTON ST, LAKEWOOD, CA 90713. Full name of registrant(s) is (are) MARIANO CRUZ, 5915 ALLINGTON ST, LAKEWOOD, CA 90713. This Business is conducted by AN INDIVIDUAL. Signed: MARIANO CRUZ. This statement was filed with the County Clerk of Los Angeles County on 07/22/2021. The registrant(s) has (have) commenced to transact business under the fictitious business name or names listed above on N/A. NOTICE- This Fictitious Name Statement expires five years from the date it was filed in the office of the County Clerk. A new Fictitious Business Name Statement must be filed prior to that date. The filing of this statement does not of itself authorize the use in this state of a Fictitious Business Name in violation of the rights of another under Federal, State, or common law (See section 14411 et seq. Business and Professions Code)

Dates Pub: JULY 31, AUG 7, 14, 21, 2021

FICTITIOUS BUSINESS NAME STATEMENT File No. 2021165719

The following person(s) is (are) doing business as: SPEED PARKING LOTS, 2920 HYPERION AVE, LOS ANGELES, CA 90027. Full name of registrant(s) is (are) WILBER PRINS ARREAGA, 3957 W 54TH ST, LOS ANGELES, CA 90043. This Business is conducted by AN INDIVIDUAL. Signed: WILBER PRINS ARREAGA. This statement was filed with the County Clerk of Los Angeles County on 07/22/2021. The registrant(s) has (have) commenced to transact business under the fictitious business name or names listed above on N/A. NOTICE- This Fictitious Name Statement expires five years from the date it was filed in the office of the County Clerk. A new Fictitious Business Name Statement must be filed prior to that date. The filing of this statement does not of itself authorize the use in this state of a Fictitious Business Name in violation of the rights of another under Federal, State, or common law (See section 14411 et seq. Business and Professions Code)

Dates Pub: JULY 31, AUG 7, 14, 21, 2021

FICTITIOUS BUSINESS NAME STATEMENT File No. 2021165722

The following person(s) is (are) doing business as: SWEET DREAMS CANDY CO, 3835 ARLINGTON AVE, WHITTIER, CA 90606. Full name of registrant(s) is (are) CHRISTOPHER PHILLIP ADAMS, 3835 ARLINGTON AVE, WHITTIER, CA 90606. This Business is conducted by AN INDIVIDUAL. Signed: CHRISTOPHER PHILLIP ADAMS. This statement was filed with the County Clerk of Los Angeles County on 07/22/2021. The registrant(s) has (have) commenced to transact business under the fictitious business name or names listed above on 05/2021. NOTICE- This Fictitious Name Statement expires five years from the date it was filed in the office of the County Clerk. A new Fictitious Business Name Statement must be filed prior to that date.

Dates Pub: JULY 31, AUG 7, 14, 21, 2021

FICTITIOUS BUSINESS NAME STATEMENT File No. 2021165709

The following person(s) is (are) doing business as: T&T JEWELRY, 10822 ARLINE AVE, ARTESIA, CA 90701. Full name of registrant(s) is (are) CHRISTAN GUZMAN, 10822 ARLINE AVE, ARTESIA, CA 90701. This Business is conducted by AN INDIVIDUAL. Signed: CHRISTAN GUZMAN. This statement was filed with the County Clerk of Los Angeles County on 07/22/2021. The registrant(s) has (have) commenced to transact business under the fictitious business name or names listed above on N/A. NOTICE- This Fictitious Name Statement expires five years from the date it was filed in the office of the County Clerk.

Dates Pub: JULY 31, AUG 7, 14, 21, 2021

FICTITIOUS BUSINESS NAME STATEMENT File No. 2021165762

The following person(s) is (are) doing business as: USA HOOPING, 900 S LENNOX AVE, WALNUT, CA 91789. Full name of registrant(s) is (are) BENJAMIN DAVID ROMERO, 900 S LENNOX AVE, WALNUT, CA 91789. This Business is conducted by AN INDIVIDUAL. Signed: BENJAMIN DAVID ROMERO. This statement was filed with the County Clerk of Los Angeles County on 07/22/2021.

Dates Pub: JULY 31, AUG 7, 14, 21, 2021

Mountain View News	80 W Sierra Madre Blvd. No. 327 Sierra Madre, CA 91024 Office: 626.355.2737 Fax: 626.609.3285 Email: editor@mtnviewsnews.com Website: www.mtnviewsnews.com
